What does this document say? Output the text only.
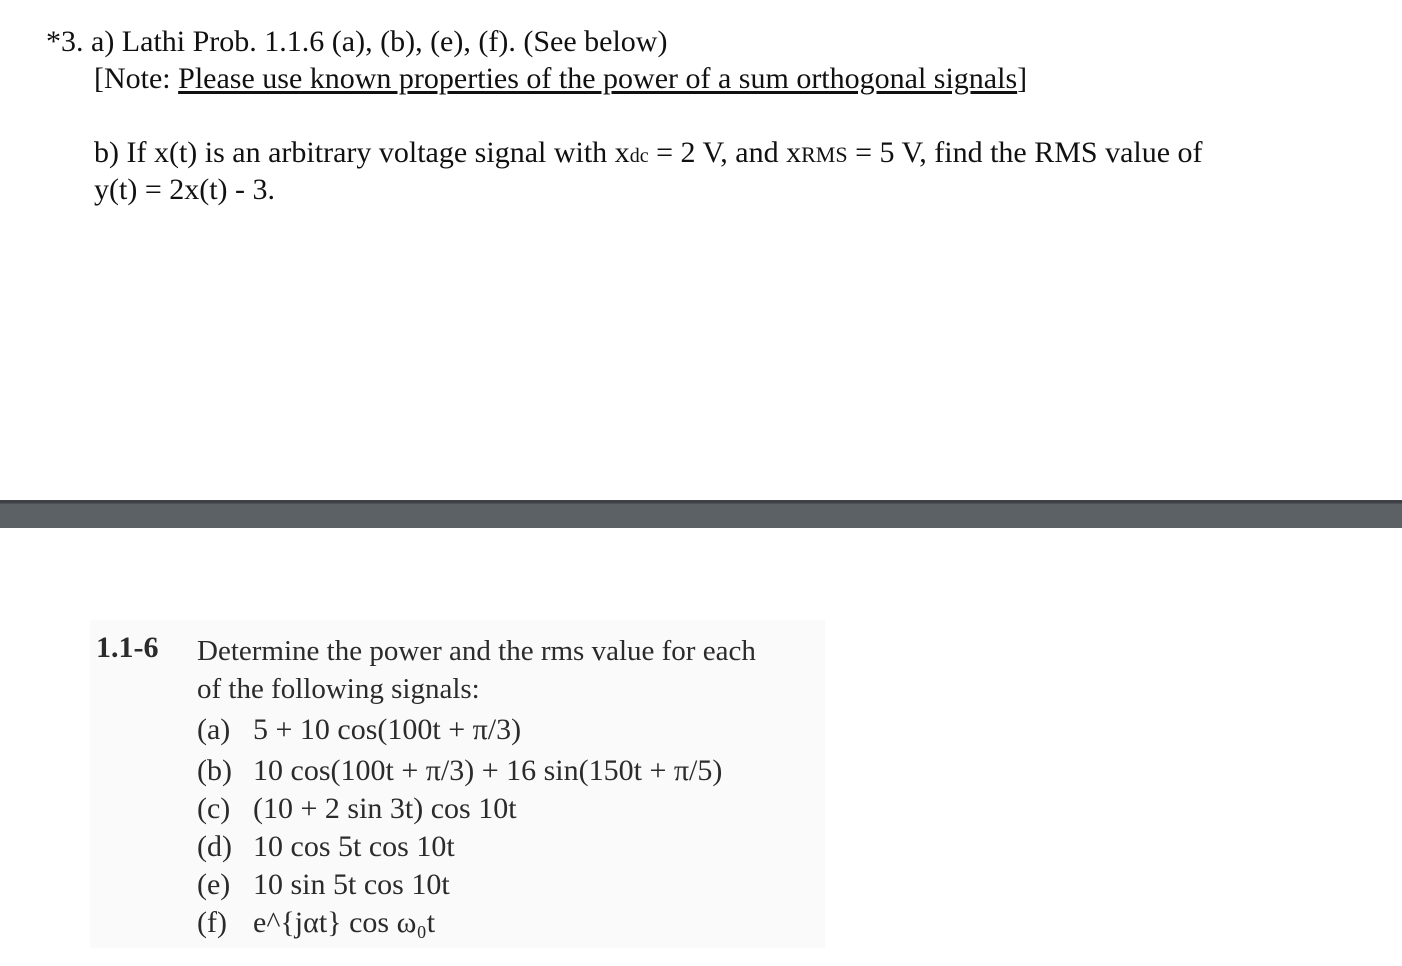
*3. a) Lathi Prob. 1.1.6 (a), (b), (e), (f). (See below)
[Note: Please use known properties of the power of a sum orthogonal signals]
b) If x(t) is an arbitrary voltage signal with xdc = 2 V, and xRMS = 5 V, find the RMS value of
y(t) = 2x(t) - 3.
1.1-6 Determine the power and the rms value for each
of the following signals:
(a) 5 + 10 cos(100t + π/3)
(b) 10 cos(100t + π/3) + 16 sin(150t + π/5)
(c) (10 + 2 sin 3t) cos 10t
(d) 10 cos 5t cos 10t
(e) 10 sin 5t cos 10t
(f) e^{jαt} cos ω₀t
